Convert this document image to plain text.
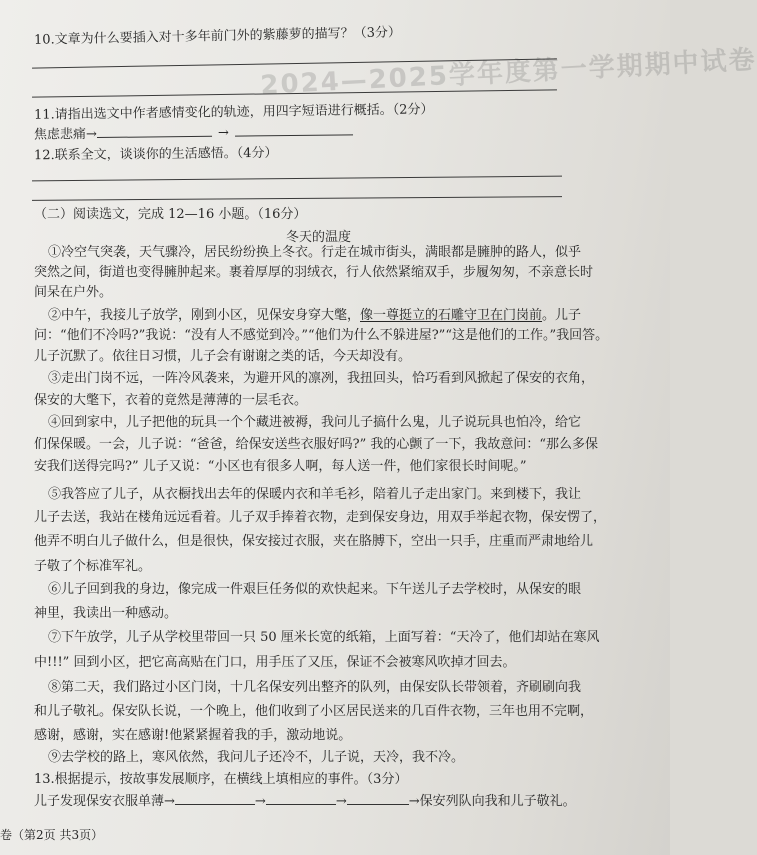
2024—2025学年度第一学期期中试卷
10.文章为什么要插入对十多年前门外的紫藤萝的描写？（3分）
11.请指出选文中作者感情变化的轨迹，用四字短语进行概括。（2分）
焦虑悲痛→	→
12.联系全文，谈谈你的生活感悟。（4分）
（二）阅读选文，完成 12—16 小题。（16分）
冬天的温度
①冷空气突袭，天气骤冷，居民纷纷换上冬衣。行走在城市街头，满眼都是臃肿的路人，似乎
突然之间，街道也变得臃肿起来。裹着厚厚的羽绒衣，行人依然紧缩双手，步履匆匆，不亲意长时
间呆在户外。
②中午，我接儿子放学，刚到小区，见保安身穿大氅，像一尊挺立的石雕守卫在门岗前。儿子
问：“他们不冷吗?”我说：“没有人不感觉到冷。”“他们为什么不躲进屋?”“这是他们的工作。”我回答。
儿子沉默了。依往日习惯，儿子会有谢谢之类的话，今天却没有。
③走出门岗不远，一阵冷风袭来，为避开风的凛冽，我扭回头，恰巧看到风掀起了保安的衣角，
保安的大氅下，衣着的竟然是薄薄的一层毛衣。
④回到家中，儿子把他的玩具一个个藏进被褥，我问儿子搞什么鬼，儿子说玩具也怕冷，给它
们保保暖。一会，儿子说：“爸爸，给保安送些衣服好吗?” 我的心颤了一下，我故意问：“那么多保
安我们送得完吗?” 儿子又说：“小区也有很多人啊，每人送一件，他们家很长时间呢。”
⑤我答应了儿子，从衣橱找出去年的保暖内衣和羊毛衫，陪着儿子走出家门。来到楼下，我让
儿子去送，我站在楼角远远看着。儿子双手捧着衣物，走到保安身边，用双手举起衣物，保安愣了，
他弄不明白儿子做什么，但是很快，保安接过衣服，夹在胳膊下，空出一只手，庄重而严肃地给儿
子敬了个标准军礼。
⑥儿子回到我的身边，像完成一件艰巨任务似的欢快起来。下午送儿子去学校时，从保安的眼
神里，我读出一种感动。
⑦下午放学，儿子从学校里带回一只 50 厘米长宽的纸箱，上面写着：“天冷了，他们却站在寒风
中!!!” 回到小区，把它高高贴在门口，用手压了又压，保证不会被寒风吹掉才回去。
⑧第二天，我们路过小区门岗，十几名保安列出整齐的队列，由保安队长带领着，齐刷刷向我
和儿子敬礼。保安队长说，一个晚上，他们收到了小区居民送来的几百件衣物，三年也用不完啊，
感谢，感谢，实在感谢!他紧紧握着我的手，激动地说。
⑨去学校的路上，寒风依然，我问儿子还冷不，儿子说，天冷，我不冷。
13.根据提示，按故事发展顺序，在横线上填相应的事件。（3分）
儿子发现保安衣服单薄→	→	→	→保安列队向我和儿子敬礼。
卷（第2页 共3页）
